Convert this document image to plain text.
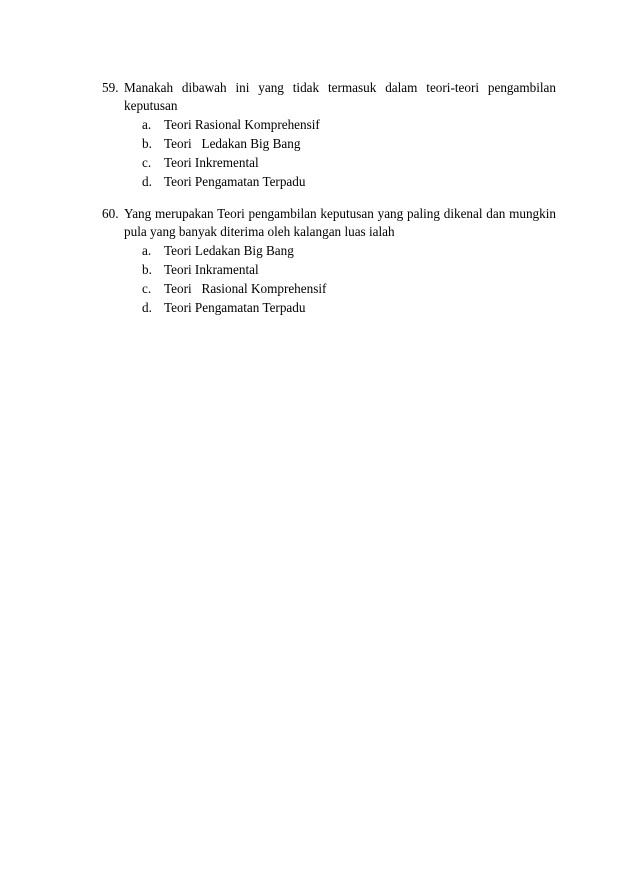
59. Manakah dibawah ini yang tidak termasuk dalam teori-teori pengambilan keputusan
a. Teori Rasional Komprehensif
b. Teori   Ledakan Big Bang
c. Teori Inkremental
d. Teori Pengamatan Terpadu
60. Yang merupakan Teori pengambilan keputusan yang paling dikenal dan mungkin pula yang banyak diterima oleh kalangan luas ialah
a. Teori Ledakan Big Bang
b. Teori Inkramental
c. Teori   Rasional Komprehensif
d. Teori Pengamatan Terpadu
